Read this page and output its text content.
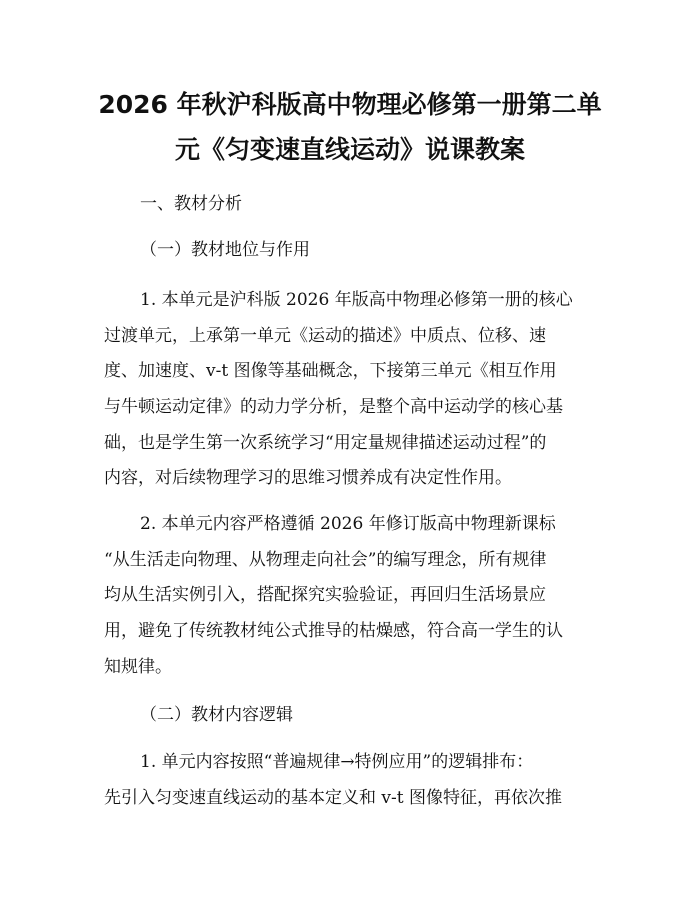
2026 年秋沪科版高中物理必修第一册第二单
元《匀变速直线运动》说课教案
一、教材分析
（一）教材地位与作用
1. 本单元是沪科版 2026 年版高中物理必修第一册的核心
过渡单元，上承第一单元《运动的描述》中质点、位移、速
度、加速度、v-t 图像等基础概念，下接第三单元《相互作用
与牛顿运动定律》的动力学分析，是整个高中运动学的核心基
础，也是学生第一次系统学习“用定量规律描述运动过程”的
内容，对后续物理学习的思维习惯养成有决定性作用。
2. 本单元内容严格遵循 2026 年修订版高中物理新课标
“从生活走向物理、从物理走向社会”的编写理念，所有规律
均从生活实例引入，搭配探究实验验证，再回归生活场景应
用，避免了传统教材纯公式推导的枯燥感，符合高一学生的认
知规律。
（二）教材内容逻辑
1. 单元内容按照“普遍规律→特例应用”的逻辑排布：
先引入匀变速直线运动的基本定义和 v-t 图像特征，再依次推
